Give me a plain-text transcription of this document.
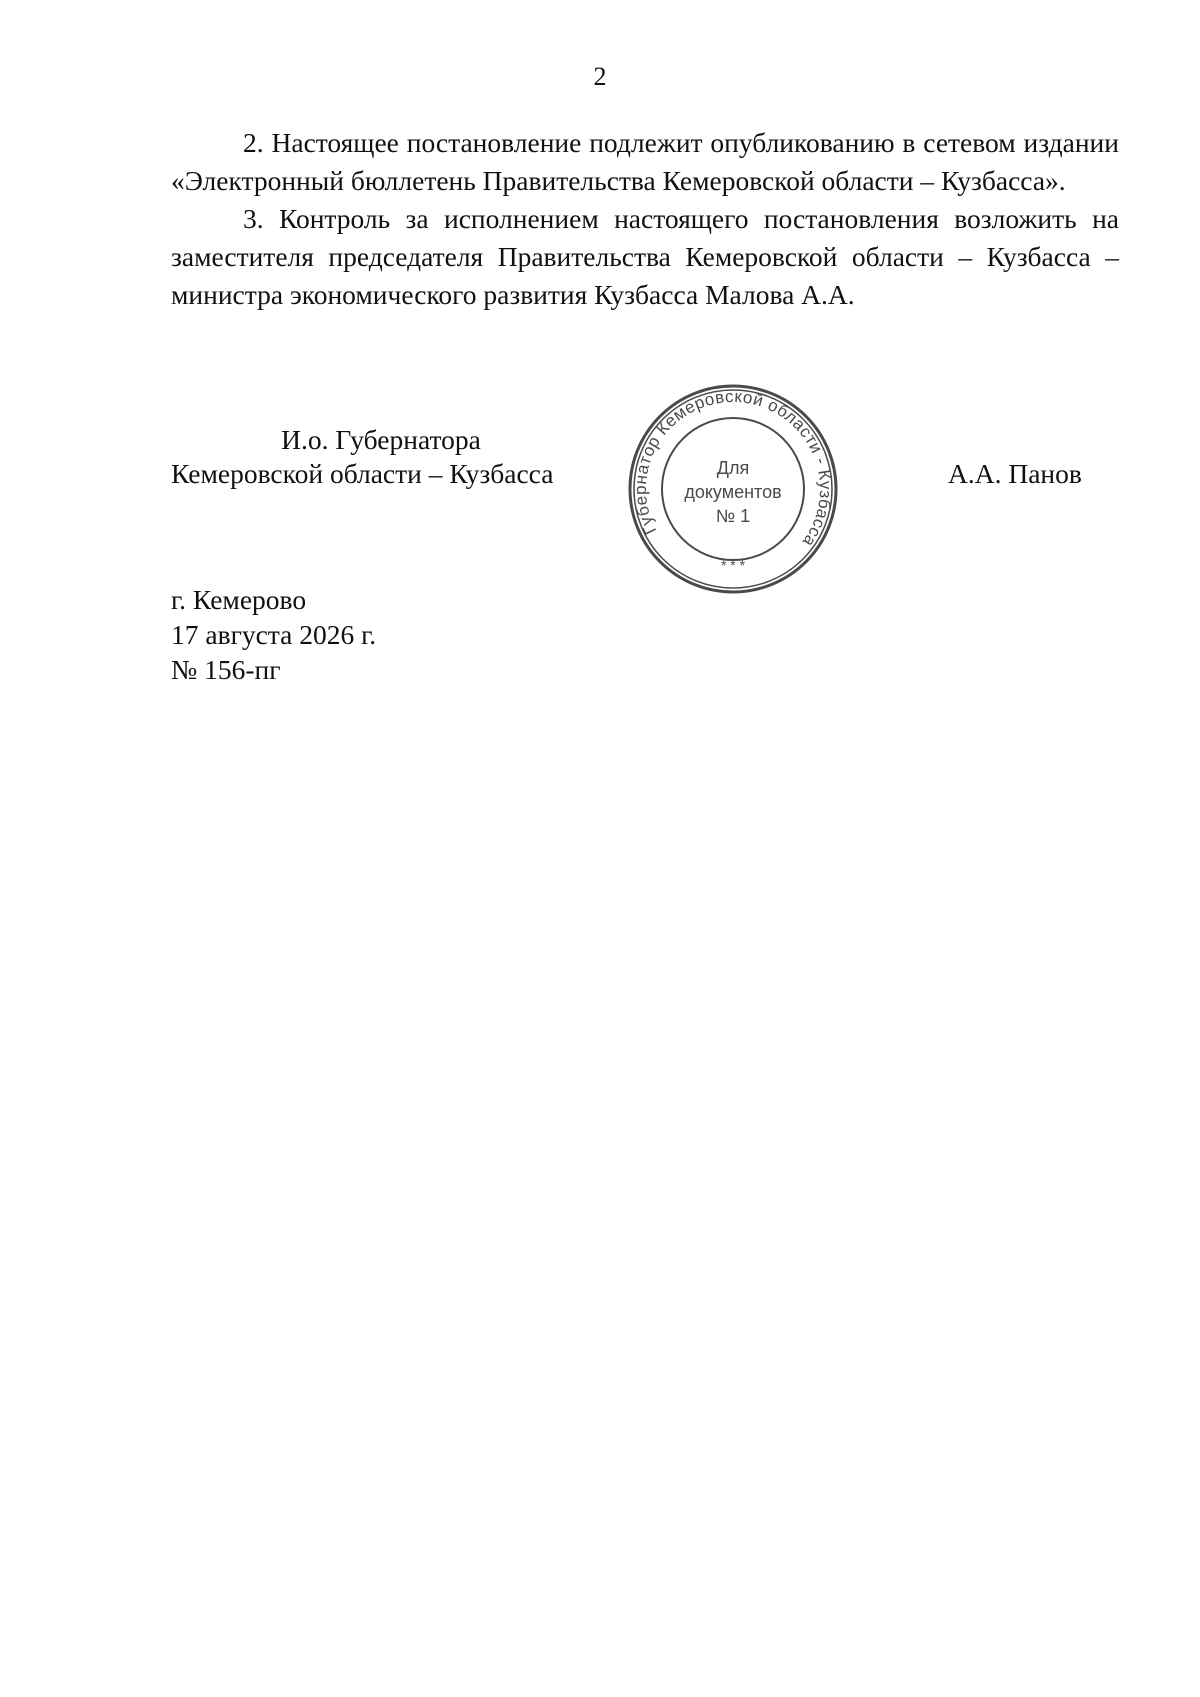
2

2. Настоящее постановление подлежит опубликованию в сетевом издании «Электронный бюллетень Правительства Кемеровской области – Кузбасса».

3. Контроль за исполнением настоящего постановления возложить на заместителя председателя Правительства Кемеровской области – Кузбасса – министра экономического развития Кузбасса Малова А.А.

И.о. Губернатора
Кемеровской области – Кузбасса
Губернатор Кемеровской области - Кузбасса
* * *
Для
документов
№ 1
А.А. Панов
г. Кемерово
17 августа 2026 г.
№ 156-пг
